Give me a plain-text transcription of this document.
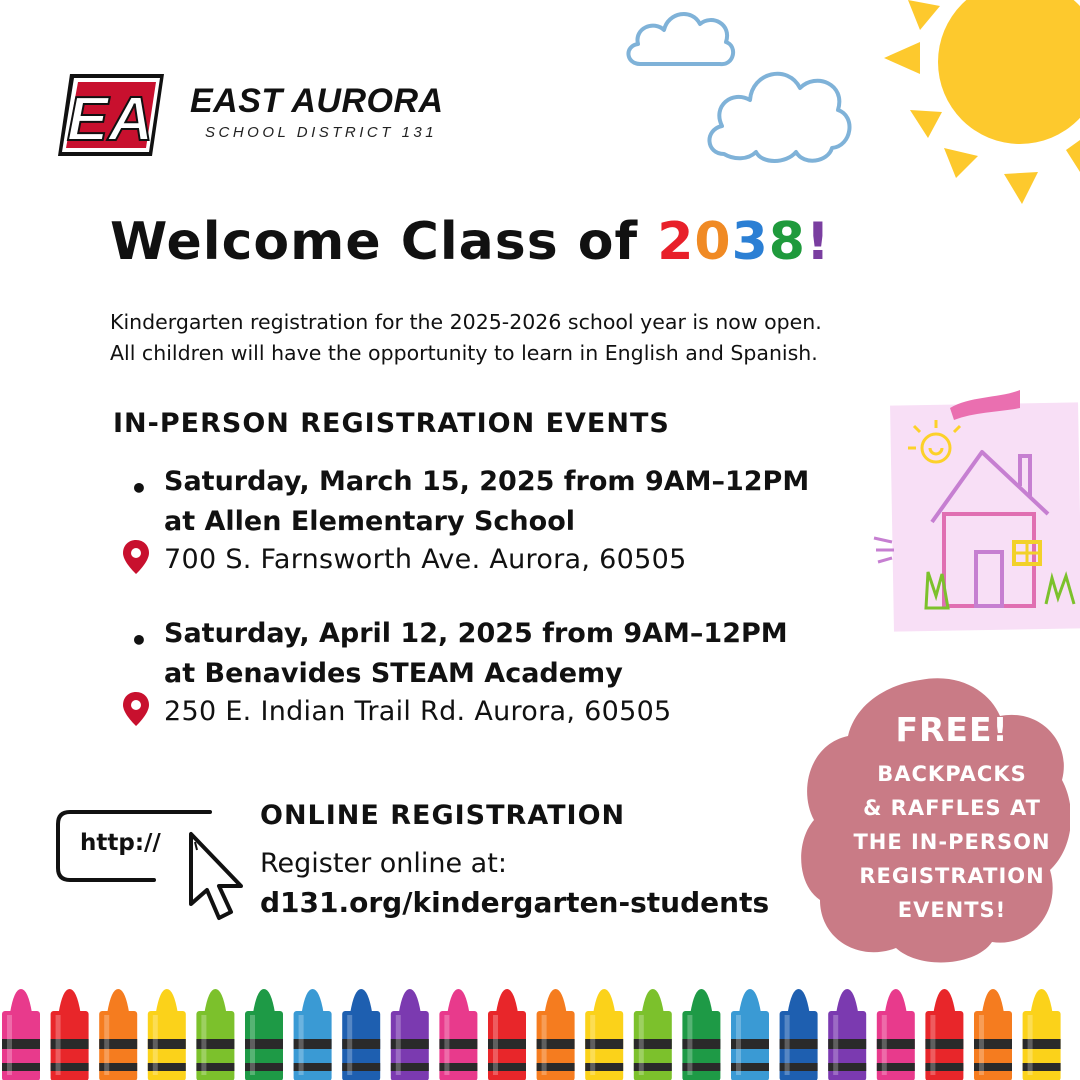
EA EAST AURORA
SCHOOL DISTRICT 131
Welcome Class of 2038!
Kindergarten registration for the 2025-2026 school year is now open.
All children will have the opportunity to learn in English and Spanish.
IN-PERSON REGISTRATION EVENTS
• Saturday, March 15, 2025 from 9AM–12PM
at Allen Elementary School
700 S. Farnsworth Ave. Aurora, 60505
• Saturday, April 12, 2025 from 9AM–12PM
at Benavides STEAM Academy
250 E. Indian Trail Rd. Aurora, 60505
http://
ONLINE REGISTRATION
Register online at:
d131.org/kindergarten-students
FREE!
BACKPACKS
& RAFFLES AT
THE IN-PERSON
REGISTRATION
EVENTS!
